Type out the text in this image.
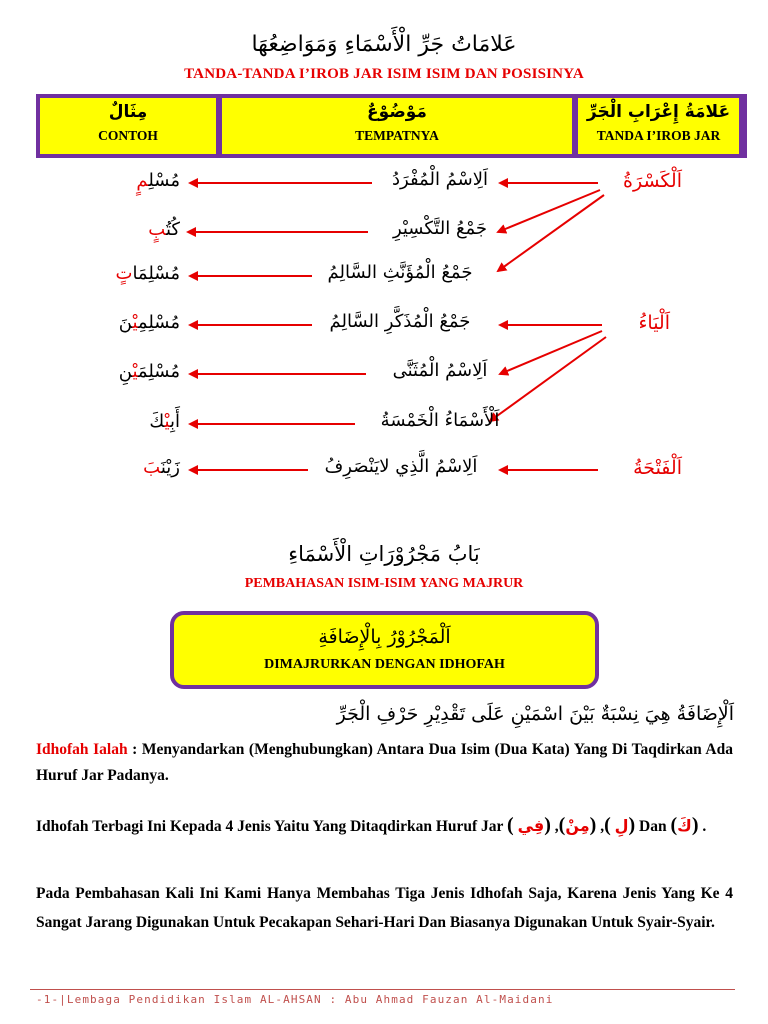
عَلامَاتُ جَرِّ الْأَسْمَاءِ وَمَوَاضِعُهَا
TANDA-TANDA I’IROB JAR ISIM ISIM DAN POSISINYA
مِثَالٌ
CONTOH
مَوْضُوْعٌ
TEMPATNYA
عَلامَةُ إِعْرَابِ الْجَرِّ
TANDA I’IROB JAR
اَلْكَسْرَةُ
اَلْيَاءُ
اَلْفَتْحَةُ
اَلِاسْمُ الْمُفْرَدُ
جَمْعُ التَّكْسِيْرِ
جَمْعُ الْمُؤَنَّثِ السَّالِمُ
جَمْعُ الْمُذَكَّرِ السَّالِمُ
اَلِاسْمُ الْمُثَنَّى
اَلْأَسْمَاءُ الْخَمْسَةُ
اَلِاسْمُ الَّذِي لايَنْصَرِفُ
مُسْلِمٍ
كُتُبٍ
مُسْلِمَاتٍ
مُسْلِمِيْنَ
مُسْلِمَيْنِ
أَبِيْكَ
زَيْنَبَ
بَابُ مَجْرُوْرَاتِ الْأَسْمَاءِ
PEMBAHASAN ISIM-ISIM YANG MAJRUR
اَلْمَجْرُوْرُ بِالْإِضَافَةِ
DIMAJRURKAN DENGAN IDHOFAH
اَلْإِضَافَةُ هِيَ نِسْبَةٌ بَيْنَ اسْمَيْنِ عَلَى تَقْدِيْرِ حَرْفِ الْجَرِّ
Idhofah Ialah : Menyandarkan (Menghubungkan) Antara Dua Isim (Dua Kata) Yang Di Taqdirkan Ada Huruf Jar Padanya.
Idhofah Terbagi Ini Kepada 4 Jenis Yaitu Yang Ditaqdirkan Huruf Jar (	لِ ), (مِنْ), (فِي	) Dan (كَ) .
Pada Pembahasan Kali Ini Kami Hanya Membahas Tiga Jenis Idhofah Saja, Karena Jenis Yang Ke 4 Sangat Jarang Digunakan Untuk Pecakapan Sehari-Hari Dan Biasanya Digunakan Untuk Syair-Syair.
-1-|Lembaga Pendidikan Islam AL-AHSAN : Abu Ahmad Fauzan Al-Maidani
